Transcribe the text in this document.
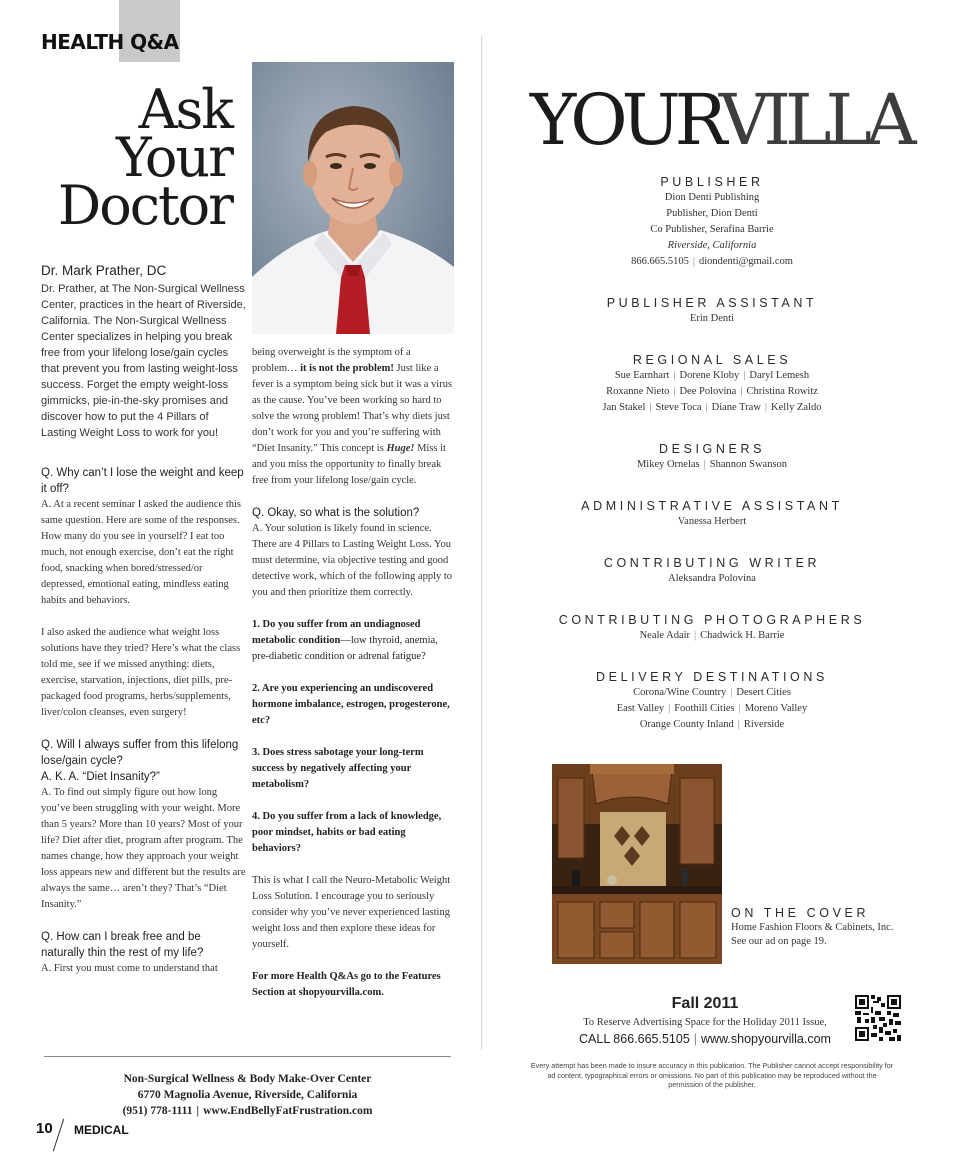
HEALTH Q&A
Ask
Your
Doctor
Dr. Mark Prather, DC
Dr. Prather, at The Non-Surgical Wellness Center, practices in the heart of Riverside, California. The Non-Surgical Wellness Center specializes in helping you break free from your lifelong lose/gain cycles that prevent you from lasting weight-loss success. Forget the empty weight-loss gimmicks, pie-in-the-sky promises and discover how to put the 4 Pillars of Lasting Weight Loss to work for you!
Q. Why can’t I lose the weight and keep it off?

A. At a recent seminar I asked the audience this same question. Here are some of the responses. How many do you see in yourself? I eat too much, not enough exercise, don’t eat the right food, snacking when bored/stressed/or depressed, emotional eating, mindless eating habits and behaviors.

I also asked the audience what weight loss solutions have they tried? Here’s what the class told me, see if we missed anything: diets, exercise, starvation, injections, diet pills, pre-packaged food programs, herbs/supplements, liver/colon cleanses, even surgery!

Q. Will I always suffer from this lifelong lose/gain cycle?
A. K. A. “Diet Insanity?”

A. To find out simply figure out how long you’ve been struggling with your weight. More than 5 years? More than 10 years? Most of your life? Diet after diet, program after program. The names change, how they approach your weight loss appears new and different but the results are always the same… aren’t they? That’s “Diet Insanity.”

Q. How can I break free and be naturally thin the rest of my life?

A. First you must come to understand that

being overweight is the symptom of a problem… it is not the problem! Just like a fever is a symptom being sick but it was a virus as the cause. You’ve been working so hard to solve the wrong problem! That’s why diets just don’t work for you and you’re suffering with “Diet Insanity.” This concept is Huge! Miss it and you miss the opportunity to finally break free from your lifelong lose/gain cycle.

Q. Okay, so what is the solution?

A. Your solution is likely found in science. There are 4 Pillars to Lasting Weight Loss. You must determine, via objective testing and good detective work, which of the following apply to you and then prioritize them correctly.

1. Do you suffer from an undiagnosed metabolic condition—low thyroid, anemia, pre-diabetic condition or adrenal fatigue?

2. Are you experiencing an undiscovered hormone imbalance, estrogen, progesterone, etc?

3. Does stress sabotage your long-term success by negatively affecting your metabolism?

4. Do you suffer from a lack of knowledge, poor mindset, habits or bad eating behaviors?

This is what I call the Neuro-Metabolic Weight Loss Solution. I encourage you to seriously consider why you’ve never experienced lasting weight loss and then explore these ideas for yourself.

For more Health Q&As go to the Features Section at shopyourvilla.com.

Non-Surgical Wellness & Body Make-Over Center
6770 Magnolia Avenue, Riverside, California
(951) 778-1111 | www.EndBellyFatFrustration.com
10 MEDICAL
YOURVILLA
PUBLISHER
Dion Denti Publishing
Publisher, Dion Denti
Co Publisher, Serafina Barrie
Riverside, California
866.665.5105 | diondenti@gmail.com
PUBLISHER ASSISTANT
Erin Denti
REGIONAL SALES
Sue Earnhart | Dorene Kloby | Daryl Lemesh
Roxanne Nieto | Dee Polovina | Christina Rowitz
Jan Stakel | Steve Toca | Diane Traw | Kelly Zaldo
DESIGNERS
Mikey Ornelas | Shannon Swanson
ADMINISTRATIVE ASSISTANT
Vanessa Herbert
CONTRIBUTING WRITER
Aleksandra Polovina
CONTRIBUTING PHOTOGRAPHERS
Neale Adair | Chadwick H. Barrie
DELIVERY DESTINATIONS
Corona/Wine Country | Desert Cities
East Valley | Foothill Cities | Moreno Valley
Orange County Inland | Riverside
ON THE COVER
Home Fashion Floors & Cabinets, Inc.
See our ad on page 19.
Fall 2011
To Reserve Advertising Space for the Holiday 2011 Issue,
CALL 866.665.5105 | www.shopyourvilla.com
Every attempt has been made to insure accuracy in this publication. The Publisher cannot accept responsibility for ad content, typographical errors or omissions. No part of this publication may be reproduced without the permission of the publisher.
